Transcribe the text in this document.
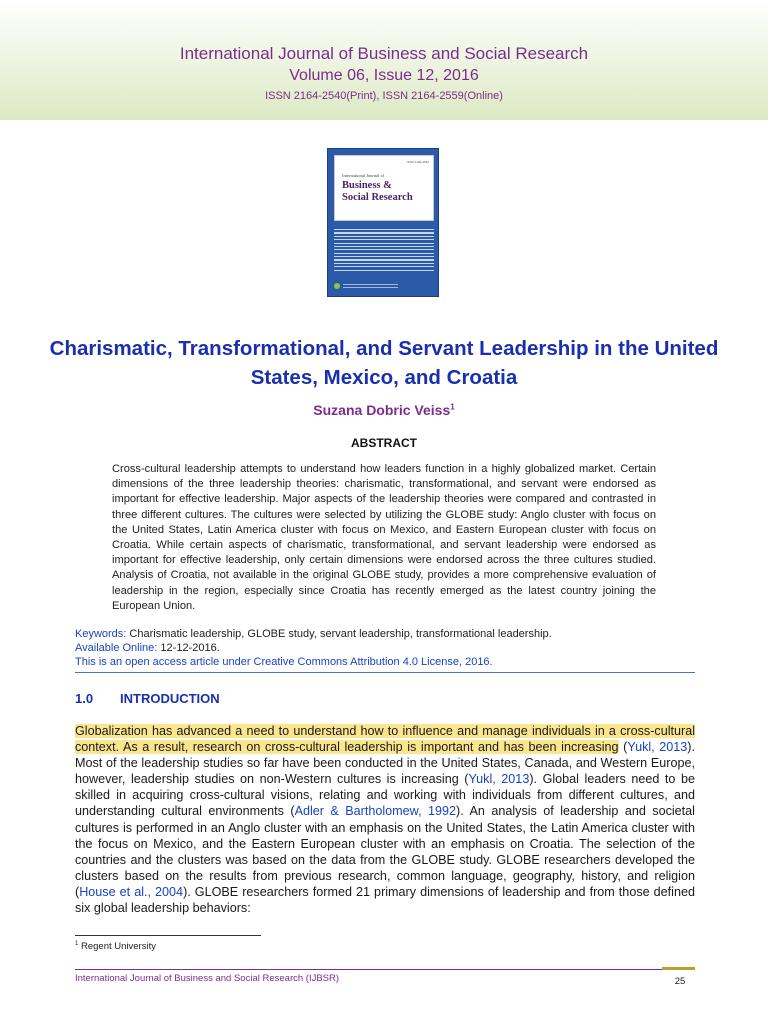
International Journal of Business and Social Research
Volume 06, Issue 12, 2016
ISSN 2164-2540(Print), ISSN 2164-2559(Online)
ISSN 2164-2540
International Journal of
Business &
Social Research
Charismatic, Transformational, and Servant Leadership in the United States, Mexico, and Croatia
Suzana Dobric Veiss$^1$
ABSTRACT
Cross-cultural leadership attempts to understand how leaders function in a highly globalized market. Certain dimensions of the three leadership theories: charismatic, transformational, and servant were endorsed as important for effective leadership. Major aspects of the leadership theories were compared and contrasted in three different cultures. The cultures were selected by utilizing the GLOBE study: Anglo cluster with focus on the United States, Latin America cluster with focus on Mexico, and Eastern European cluster with focus on Croatia. While certain aspects of charismatic, transformational, and servant leadership were endorsed as important for effective leadership, only certain dimensions were endorsed across the three cultures studied. Analysis of Croatia, not available in the original GLOBE study, provides a more comprehensive evaluation of leadership in the region, especially since Croatia has recently emerged as the latest country joining the European Union.
Keywords: Charismatic leadership, GLOBE study, servant leadership, transformational leadership.
Available Online: 12-12-2016.
This is an open access article under Creative Commons Attribution 4.0 License, 2016.
1.0 INTRODUCTION
Globalization has advanced a need to understand how to influence and manage individuals in a cross-cultural context. As a result, research on cross-cultural leadership is important and has been increasing (Yukl, 2013). Most of the leadership studies so far have been conducted in the United States, Canada, and Western Europe, however, leadership studies on non-Western cultures is increasing (Yukl, 2013). Global leaders need to be skilled in acquiring cross-cultural visions, relating and working with individuals from different cultures, and understanding cultural environments (Adler & Bartholomew, 1992). An analysis of leadership and societal cultures is performed in an Anglo cluster with an emphasis on the United States, the Latin America cluster with the focus on Mexico, and the Eastern European cluster with an emphasis on Croatia. The selection of the countries and the clusters was based on the data from the GLOBE study. GLOBE researchers developed the clusters based on the results from previous research, common language, geography, history, and religion (House et al., 2004). GLOBE researchers formed 21 primary dimensions of leadership and from those defined six global leadership behaviors:
$^1$ Regent University
International Journal of Business and Social Research (IJBSR)	25
